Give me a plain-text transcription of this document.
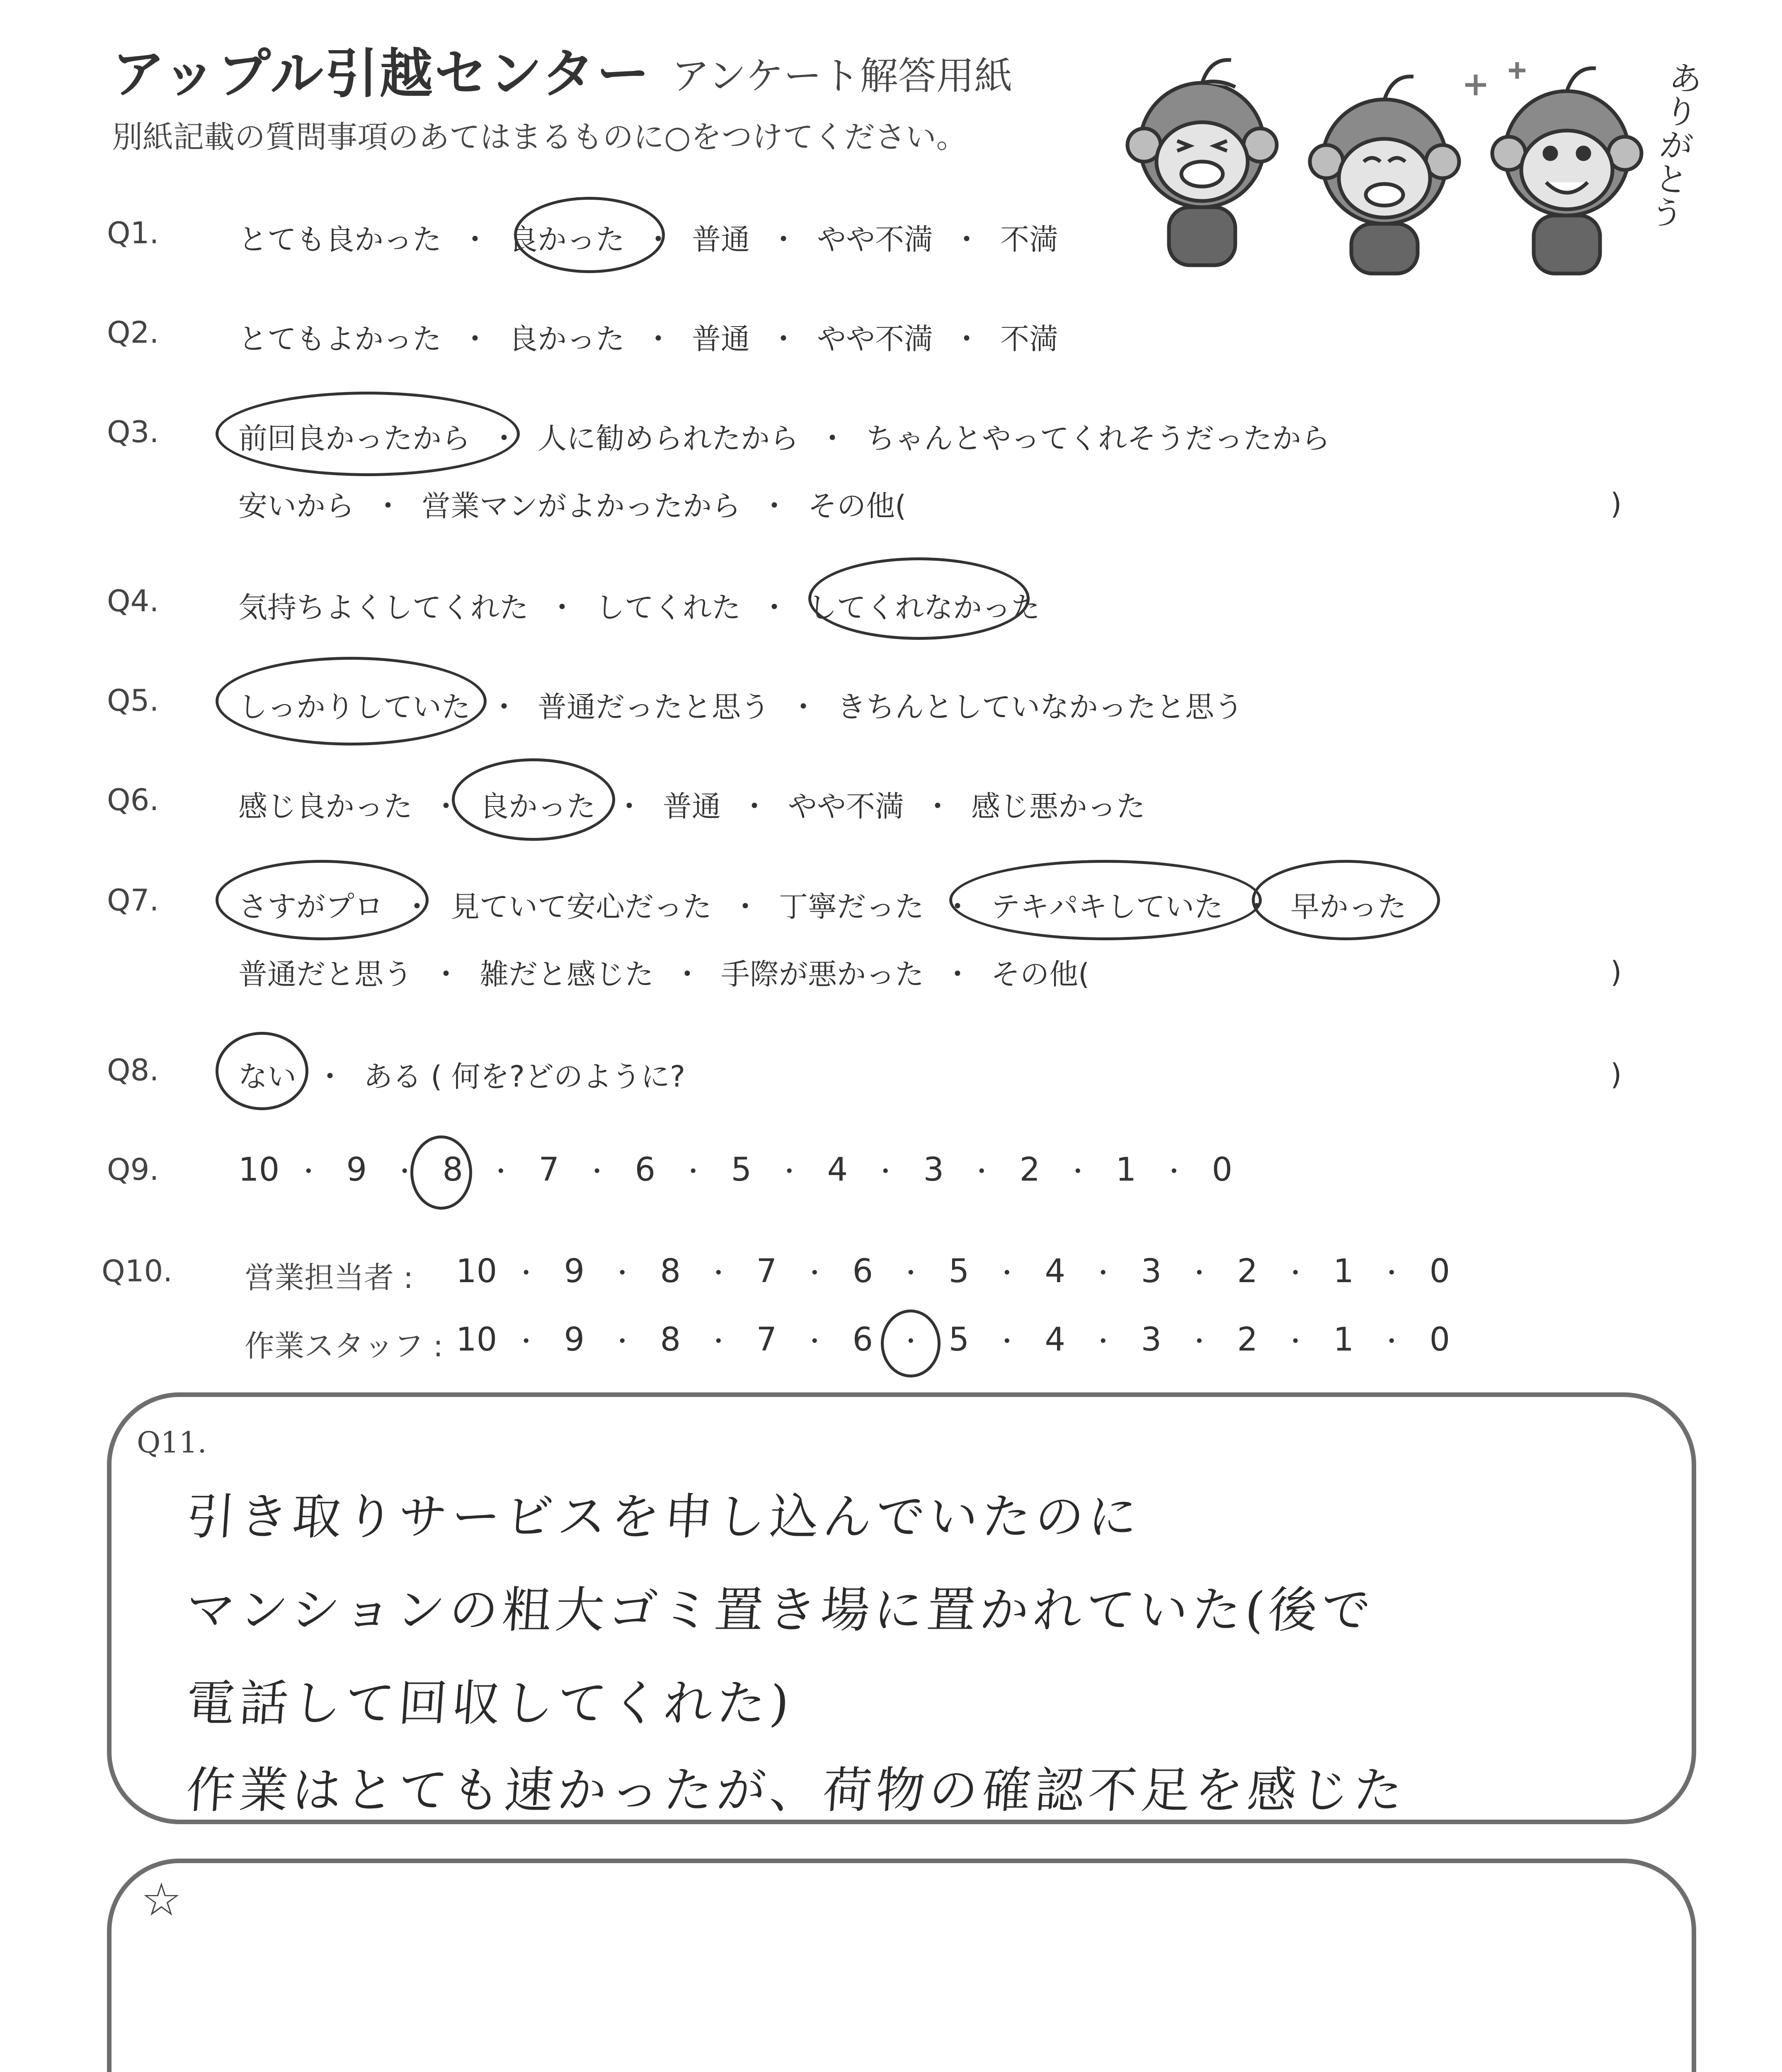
アップル引越センター アンケート解答用紙
別紙記載の質問事項のあてはまるものに○をつけてください。
ありがとう
Q1.	とても良かった ・ 良かった ・ 普通 ・ やや不満 ・ 不満
Q2.	とてもよかった ・ 良かった ・ 普通 ・ やや不満 ・ 不満
Q3.	前回良かったから ・ 人に勧められたから ・ ちゃんとやってくれそうだったから
安いから ・ 営業マンがよかったから ・ その他(	)
Q4.	気持ちよくしてくれた ・ してくれた ・ してくれなかった
Q5.	しっかりしていた ・ 普通だったと思う ・ きちんとしていなかったと思う
Q6.	感じ良かった ・ 良かった ・ 普通 ・ やや不満 ・ 感じ悪かった
Q7.	さすがプロ ・ 見ていて安心だった ・ 丁寧だった ・ テキパキしていた ・ 早かった
普通だと思う ・ 雑だと感じた ・ 手際が悪かった ・ その他(	)
Q8.	ない ・ ある ( 何を?どのように?	)
Q9. 10 ・ 9	・ 8	・ 7	・ 6	・ 5	・ 4	・ 3	・ 2	・ 1	・ 0
Q10. 営業担当者 : 10 ・ 9	・ 8	・ 7	・ 6	・ 5	・ 4	・ 3	・ 2	・ 1	・ 0
作業スタッフ : 10 ・ 9	・ 8	・ 7	・ 6	・ 5	・ 4	・ 3	・ 2	・ 1	・ 0
Q11.
引き取りサービスを申し込んでいたのに
マンションの粗大ゴミ置き場に置かれていた(後で
電話して回収してくれた)
作業はとても速かったが、荷物の確認不足を感じた
☆
